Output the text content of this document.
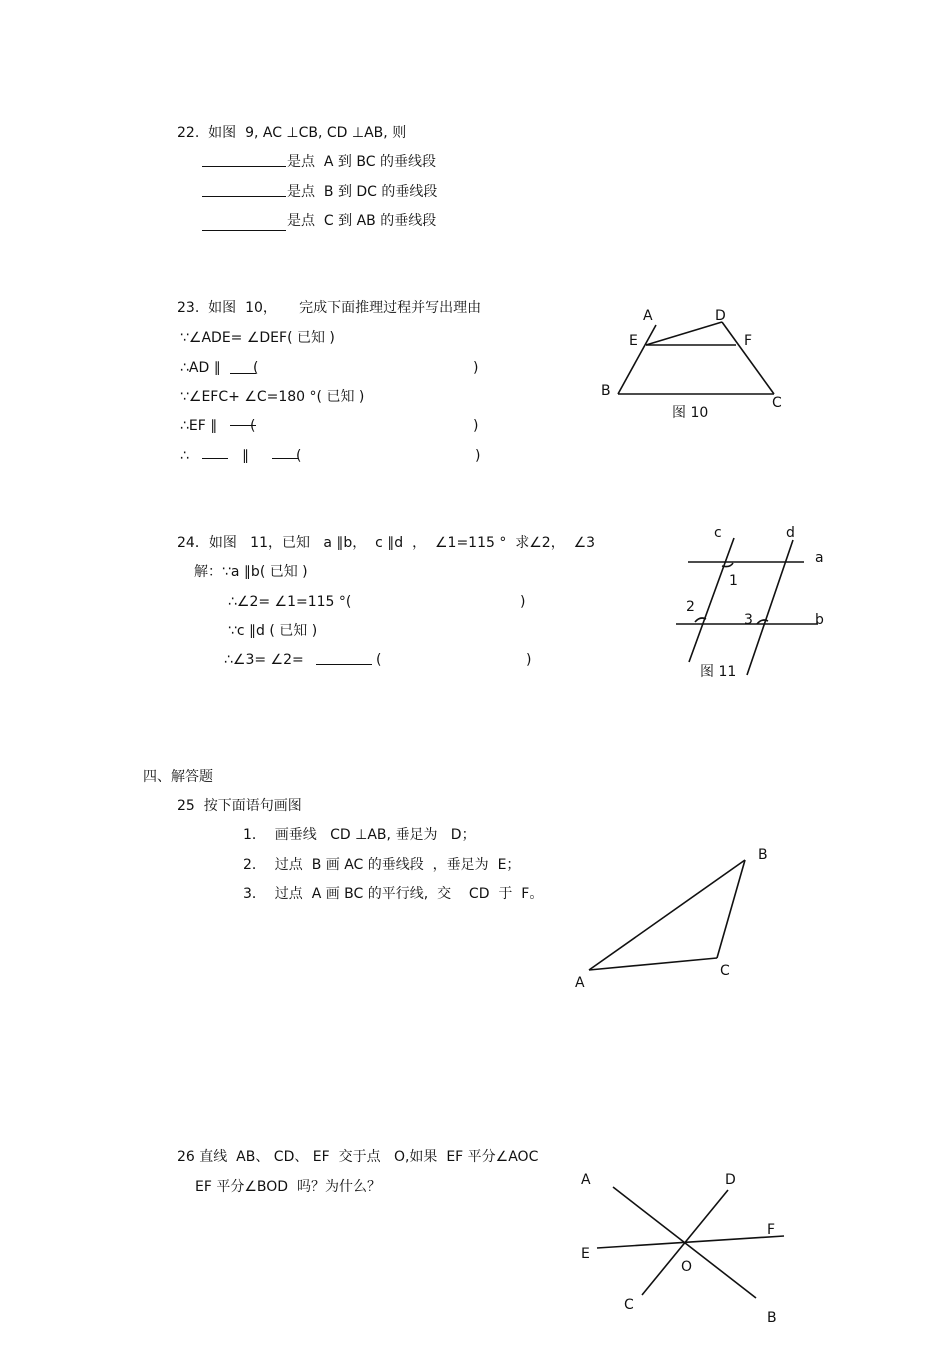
22.  如图  9, AC ⊥CB, CD ⊥AB, 则
是点  A 到 BC 的垂线段
是点  B 到 DC 的垂线段
是点  C 到 AB 的垂线段
23.  如图  10，     完成下面推理过程并写出理由
∵∠ADE= ∠DEF( 已知 )
∴AD ∥ (	)
∵∠EFC+ ∠C=180 °( 已知 )
∴EF ∥ (	)
∴	∥	(	)
24．如图   11，已知   a ∥b，  c ∥d  ，  ∠1=115 °  求∠2，  ∠3
解：∵a ∥b( 已知 )
∴∠2= ∠1=115 °(	)
∵c ∥d ( 已知 )
∴∠3= ∠2=	(	)
四、解答题
25  按下面语句画图
1．  画垂线   CD ⊥AB, 垂足为   D；
2．  过点  B 画 AC 的垂线段  ，垂足为  E；
3．  过点  A 画 BC 的平行线,  交    CD  于  F。
26 直线  AB、 CD、 EF  交于点   O,如果  EF 平分∠AOC
EF 平分∠BOD  吗？为什么？
A	D
E	F
B
C
图 10
c	d
a
b
1
2
3
图 11
B
C
A
A	D
F
E
O
C
B
